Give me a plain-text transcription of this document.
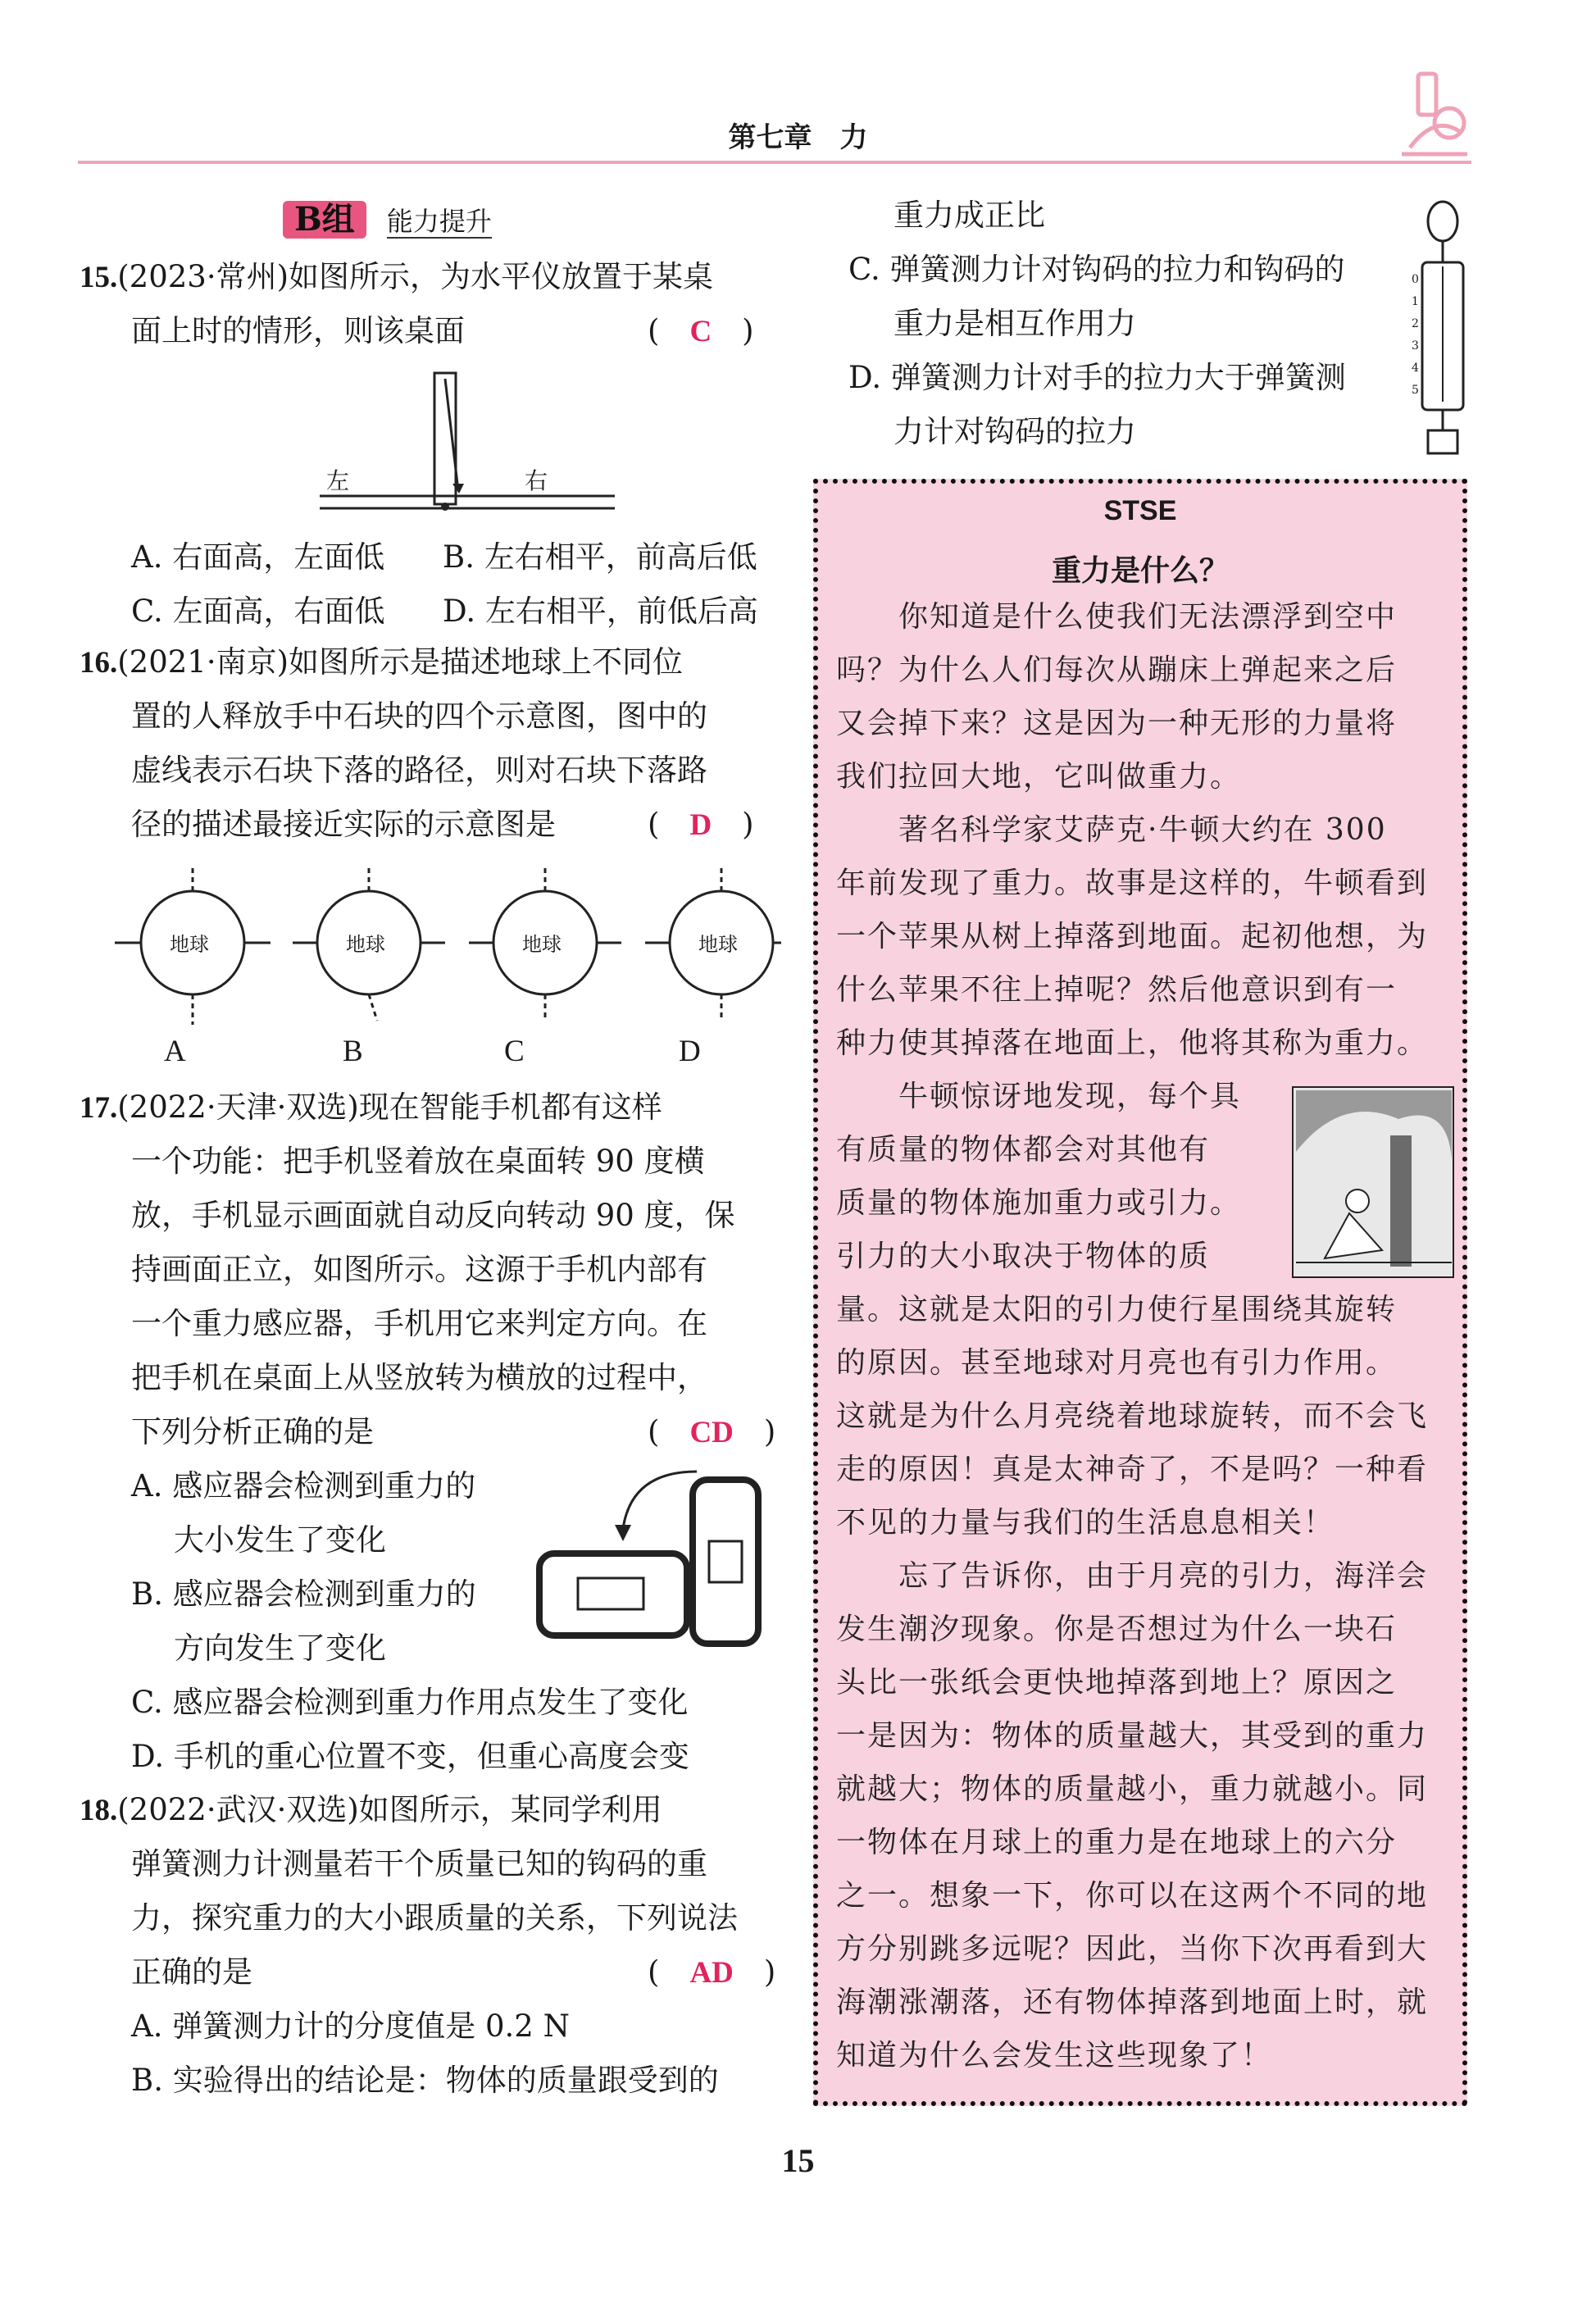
第七章　力
B组 能力提升
15.(2023·常州)如图所示，为水平仪放置于某桌
面上时的情形，则该桌面	(　C　)
左	右
A. 右面高，左面低 B. 左右相平，前高后低
C. 左面高，右面低 D. 左右相平，前低后高
16.(2021·南京)如图所示是描述地球上不同位
置的人释放手中石块的四个示意图，图中的
虚线表示石块下落的路径，则对石块下落路
径的描述最接近实际的示意图是	(　D　)
地球	地球	地球	地球
A	B	C	D
17.(2022·天津·双选)现在智能手机都有这样
一个功能：把手机竖着放在桌面转 90 度横
放，手机显示画面就自动反向转动 90 度，保
持画面正立，如图所示。这源于手机内部有
一个重力感应器，手机用它来判定方向。在
把手机在桌面上从竖放转为横放的过程中，
下列分析正确的是	(　CD　)
A. 感应器会检测到重力的
大小发生了变化
B. 感应器会检测到重力的
方向发生了变化
C. 感应器会检测到重力作用点发生了变化
D. 手机的重心位置不变，但重心高度会变
18.(2022·武汉·双选)如图所示，某同学利用
弹簧测力计测量若干个质量已知的钩码的重
力，探究重力的大小跟质量的关系，下列说法
正确的是	(　AD　)
A. 弹簧测力计的分度值是 0.2 N
B. 实验得出的结论是：物体的质量跟受到的
重力成正比
C. 弹簧测力计对钩码的拉力和钩码的
重力是相互作用力
D. 弹簧测力计对手的拉力大于弹簧测
力计对钩码的拉力
0
1
2
3
4
5
STSE
重力是什么？
　　你知道是什么使我们无法漂浮到空中
吗？为什么人们每次从蹦床上弹起来之后
又会掉下来？这是因为一种无形的力量将
我们拉回大地，它叫做重力。
　　著名科学家艾萨克·牛顿大约在 300
年前发现了重力。故事是这样的，牛顿看到
一个苹果从树上掉落到地面。起初他想，为
什么苹果不往上掉呢？然后他意识到有一
种力使其掉落在地面上，他将其称为重力。
　　牛顿惊讶地发现，每个具
有质量的物体都会对其他有
质量的物体施加重力或引力。
引力的大小取决于物体的质
量。这就是太阳的引力使行星围绕其旋转
的原因。甚至地球对月亮也有引力作用。
这就是为什么月亮绕着地球旋转，而不会飞
走的原因！真是太神奇了，不是吗？一种看
不见的力量与我们的生活息息相关！
　　忘了告诉你，由于月亮的引力，海洋会
发生潮汐现象。你是否想过为什么一块石
头比一张纸会更快地掉落到地上？原因之
一是因为：物体的质量越大，其受到的重力
就越大；物体的质量越小，重力就越小。同
一物体在月球上的重力是在地球上的六分
之一。想象一下，你可以在这两个不同的地
方分别跳多远呢？因此，当你下次再看到大
海潮涨潮落，还有物体掉落到地面上时，就
知道为什么会发生这些现象了！
15
